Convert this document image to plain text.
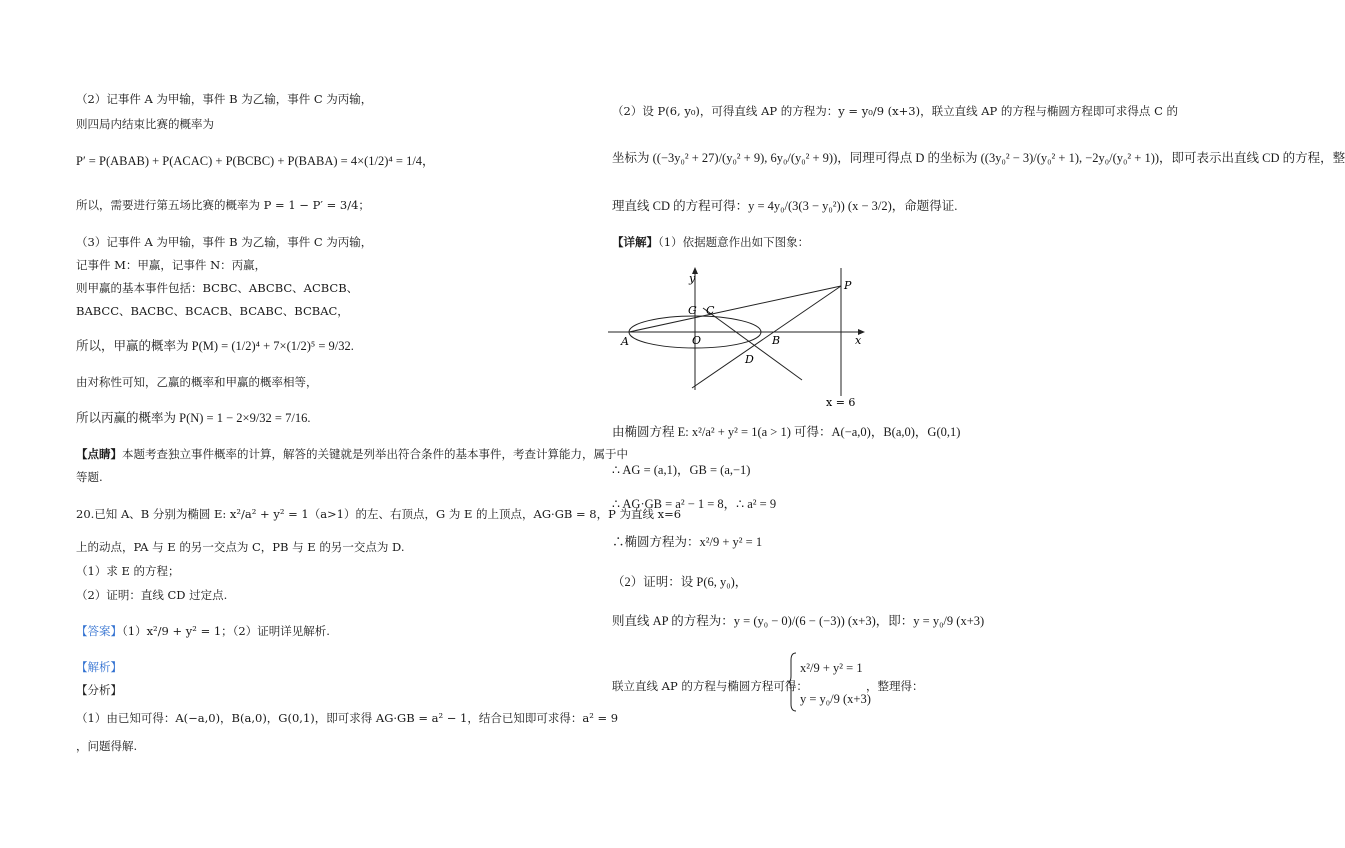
（2）记事件 A 为甲输，事件 B 为乙输，事件 C 为丙输，
则四局内结束比赛的概率为
P′ = P(ABAB) + P(ACAC) + P(BCBC) + P(BABA) = 4×(1/2)⁴ = 1/4，
所以，需要进行第五场比赛的概率为 P = 1 − P′ = 3/4；
（3）记事件 A 为甲输，事件 B 为乙输，事件 C 为丙输，
记事件 M：甲赢，记事件 N：丙赢，
则甲赢的基本事件包括：BCBC、ABCBC、ACBCB、
BABCC、BACBC、BCACB、BCABC、BCBAC，
所以，甲赢的概率为 P(M) = (1/2)⁴ + 7×(1/2)⁵ = 9/32.
由对称性可知，乙赢的概率和甲赢的概率相等，
所以丙赢的概率为 P(N) = 1 − 2×9/32 = 7/16.
【点睛】本题考查独立事件概率的计算，解答的关键就是列举出符合条件的基本事件，考查计算能力，属于中
等题.
20.已知 A、B 分别为椭圆 E: x²/a² + y² = 1（a>1）的左、右顶点，G 为 E 的上顶点，AG·GB = 8，P 为直线 x=6
上的动点，PA 与 E 的另一交点为 C，PB 与 E 的另一交点为 D.
（1）求 E 的方程；
（2）证明：直线 CD 过定点.
【答案】（1）x²/9 + y² = 1；（2）证明详见解析.
【解析】
【分析】
（1）由已知可得：A(−a,0)，B(a,0)，G(0,1)，即可求得 AG·GB = a² − 1，结合已知即可求得：a² = 9
，问题得解.
（2）设 P(6, y₀)，可得直线 AP 的方程为：y = y₀/9 (x+3)，联立直线 AP 的方程与椭圆方程即可求得点 C 的
坐标为 ((−3y₀² + 27)/(y₀² + 9), 6y₀/(y₀² + 9))，同理可得点 D 的坐标为 ((3y₀² − 3)/(y₀² + 1), −2y₀/(y₀² + 1))，即可表示出直线 CD 的方程，整
理直线 CD 的方程可得：y = 4y₀/(3(3 − y₀²)) (x − 3/2)，命题得证.
【详解】（1）依据题意作出如下图象：
y
x
P
G C
A	O	B
D
x = 6
由椭圆方程 E: x²/a² + y² = 1(a > 1) 可得：A(−a,0)，B(a,0)，G(0,1)
∴ AG = (a,1)，GB = (a,−1)
∴ AG·GB = a² − 1 = 8，∴ a² = 9
∴椭圆方程为：x²/9 + y² = 1
（2）证明：设 P(6, y₀)，
则直线 AP 的方程为：y = (y₀ − 0)/(6 − (−3)) (x+3)，即：y = y₀/9 (x+3)
联立直线 AP 的方程与椭圆方程可得：
x²/9 + y² = 1
y = y₀/9 (x+3)
，整理得：
